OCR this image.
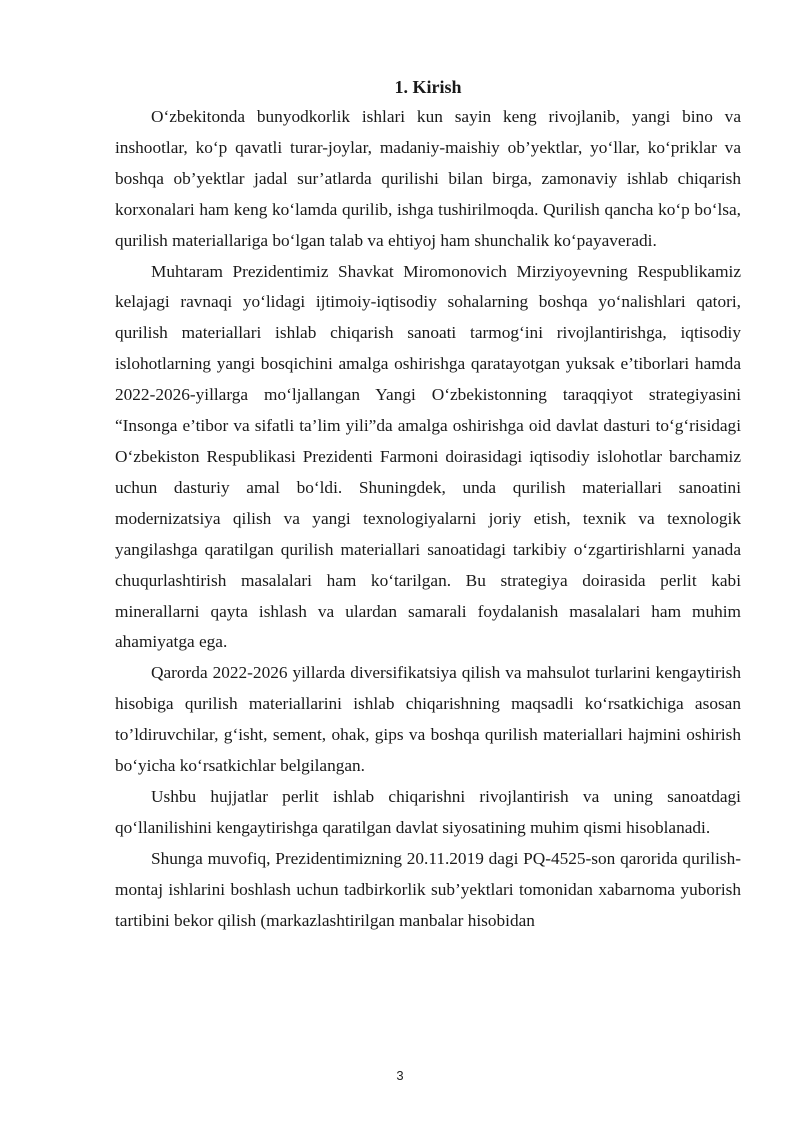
1. Kirish

O‘zbekitonda bunyodkorlik ishlari kun sayin keng rivojlanib, yangi bino va inshootlar, ko‘p qavatli turar-joylar, madaniy-maishiy ob’yektlar, yo‘llar, ko‘priklar va boshqa ob’yektlar jadal sur’atlarda qurilishi bilan birga, zamonaviy ishlab chiqarish korxonalari ham keng ko‘lamda qurilib, ishga tushirilmoqda. Qurilish qancha ko‘p bo‘lsa, qurilish materiallariga bo‘lgan talab va ehtiyoj ham shunchalik ko‘payaveradi.

Muhtaram Prezidentimiz Shavkat Miromonovich Mirziyoyevning Respublikamiz kelajagi ravnaqi yo‘lidagi ijtimoiy-iqtisodiy sohalarning boshqa yo‘nalishlari qatori, qurilish materiallari ishlab chiqarish sanoati tarmog‘ini rivojlantirishga, iqtisodiy islohotlarning yangi bosqichini amalga oshirishga qaratayotgan yuksak e’tiborlari hamda 2022-2026-yillarga mo‘ljallangan Yangi O‘zbekistonning taraqqiyot strategiyasini “Insonga e’tibor va sifatli ta’lim yili”da amalga oshirishga oid davlat dasturi to‘g‘risidagi O‘zbekiston Respublikasi Prezidenti Farmoni doirasidagi iqtisodiy islohotlar barchamiz uchun dasturiy amal bo‘ldi. Shuningdek, unda qurilish materiallari sanoatini modernizatsiya qilish va yangi texnologiyalarni joriy etish, texnik va texnologik yangilashga qaratilgan qurilish materiallari sanoatidagi tarkibiy o‘zgartirishlarni yanada chuqurlashtirish masalalari ham ko‘tarilgan. Bu strategiya doirasida perlit kabi minerallarni qayta ishlash va ulardan samarali foydalanish masalalari ham muhim ahamiyatga ega.

Qarorda 2022-2026 yillarda diversifikatsiya qilish va mahsulot turlarini kengaytirish hisobiga qurilish materiallarini ishlab chiqarishning maqsadli ko‘rsatkichiga asosan to’ldiruvchilar, g‘isht, sement, ohak, gips va boshqa qurilish materiallari hajmini oshirish bo‘yicha ko‘rsatkichlar belgilangan.

Ushbu hujjatlar perlit ishlab chiqarishni rivojlantirish va uning sanoatdagi qo‘llanilishini kengaytirishga qaratilgan davlat siyosatining muhim qismi hisoblanadi.

Shunga muvofiq, Prezidentimizning 20.11.2019 dagi PQ-4525-son qarorida qurilish-montaj ishlarini boshlash uchun tadbirkorlik sub’yektlari tomonidan xabarnoma yuborish tartibini bekor qilish (markazlashtirilgan manbalar hisobidan

3
